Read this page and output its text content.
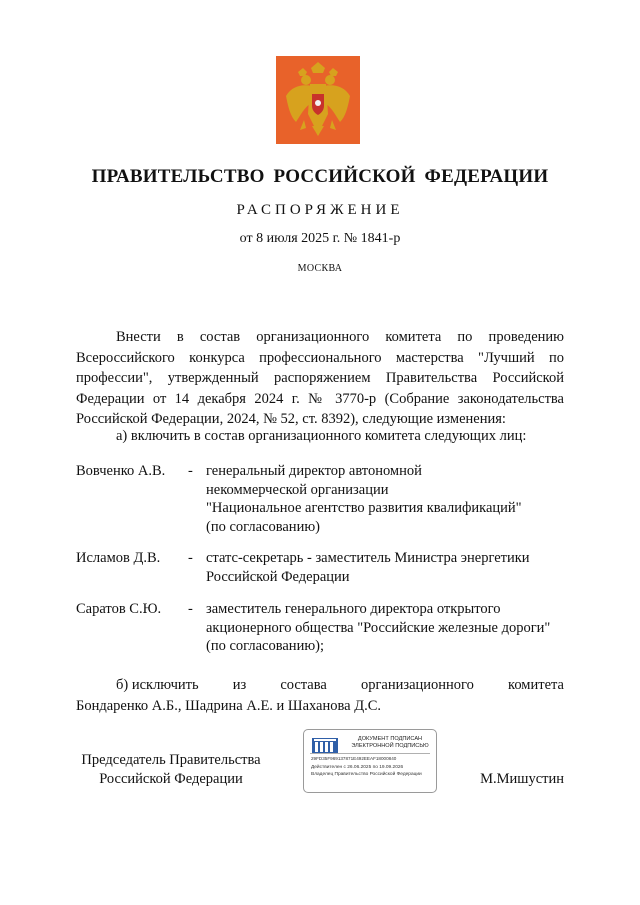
ПРАВИТЕЛЬСТВО РОССИЙСКОЙ ФЕДЕРАЦИИ
РАСПОРЯЖЕНИЕ
от 8 июля 2025 г. № 1841-р
МОСКВА

Внести в состав организационного комитета по проведению Всероссийского конкурса профессионального мастерства "Лучший по профессии", утвержденный распоряжением Правительства Российской Федерации от 14 декабря 2024 г. № 3770-р (Собрание законодательства Российской Федерации, 2024, № 52, ст. 8392), следующие изменения:

а) включить в состав организационного комитета следующих лиц:
Вовченко А.В. - генеральный директор автономной
некоммерческой организации
"Национальное агентство развития квалификаций"
(по согласованию)
Исламов Д.В. - статс-секретарь - заместитель Министра энергетики
Российской Федерации
Саратов С.Ю. - заместитель генерального директора открытого
акционерного общества "Российские железные дороги"
(по согласованию);
б) исключить из состава организационного комитета
Бондаренко А.Б., Шадрина А.Е. и Шаханова Д.С.
Председатель Правительства
Российской Федерации
ДОКУМЕНТ ПОДПИСАН
ЭЛЕКТРОННОЙ ПОДПИСЬЮ
29FD35F969137871E492EEAF18000840
Действителен с 26.06.2025 по 19.09.2026
Владелец Правительство Российской Федерации	М.Мишустин
